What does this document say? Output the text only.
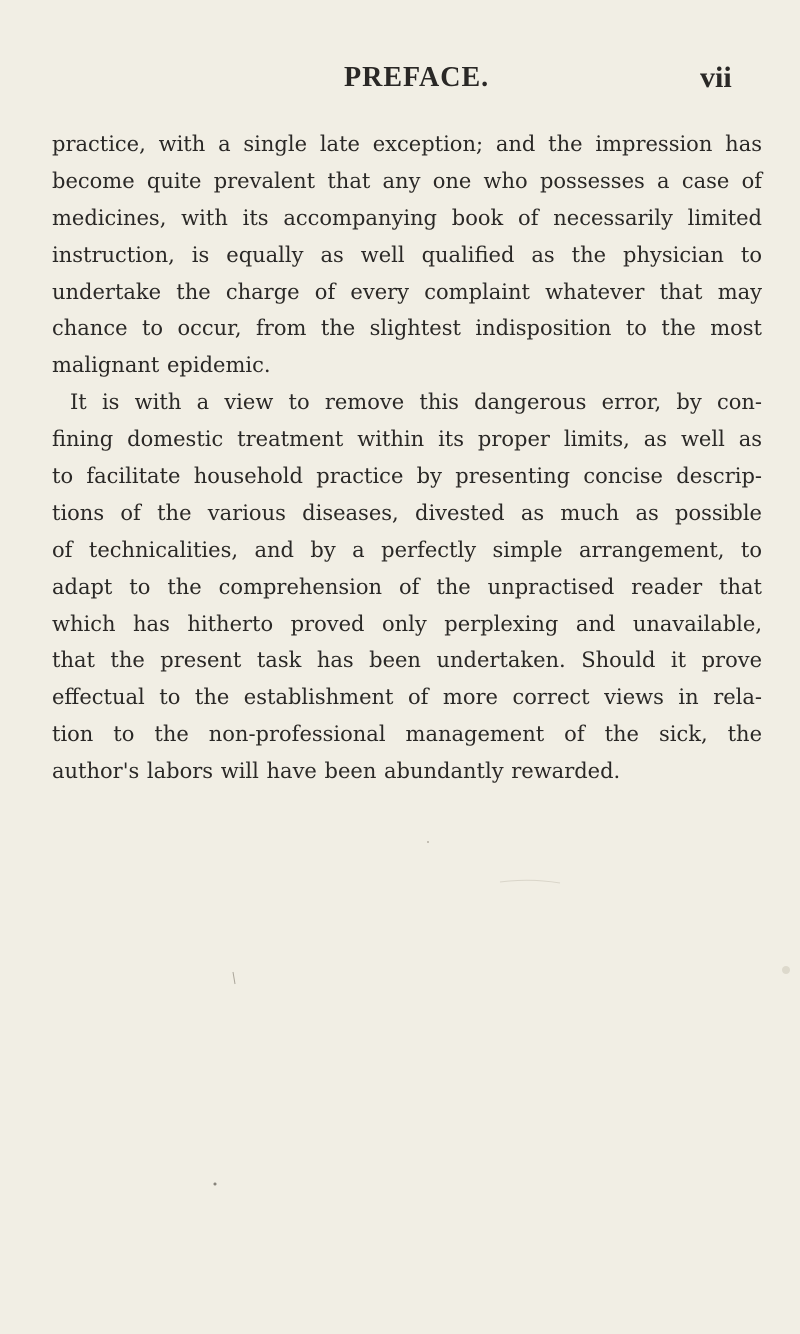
PREFACE.	vii
practice, with a single late exception; and the impression has
become quite prevalent that any one who possesses a case of
medicines, with its accompanying book of necessarily limited
instruction, is equally as well qualified as the physician to
undertake the charge of every complaint whatever that may
chance to occur, from the slightest indisposition to the most
malignant epidemic.
It is with a view to remove this dangerous error, by con-
fining domestic treatment within its proper limits, as well as
to facilitate household practice by presenting concise descrip-
tions of the various diseases, divested as much as possible
of technicalities, and by a perfectly simple arrangement, to
adapt to the comprehension of the unpractised reader that
which has hitherto proved only perplexing and unavailable,
that the present task has been undertaken. Should it prove
effectual to the establishment of more correct views in rela-
tion to the non-professional management of the sick, the
author's labors will have been abundantly rewarded.
